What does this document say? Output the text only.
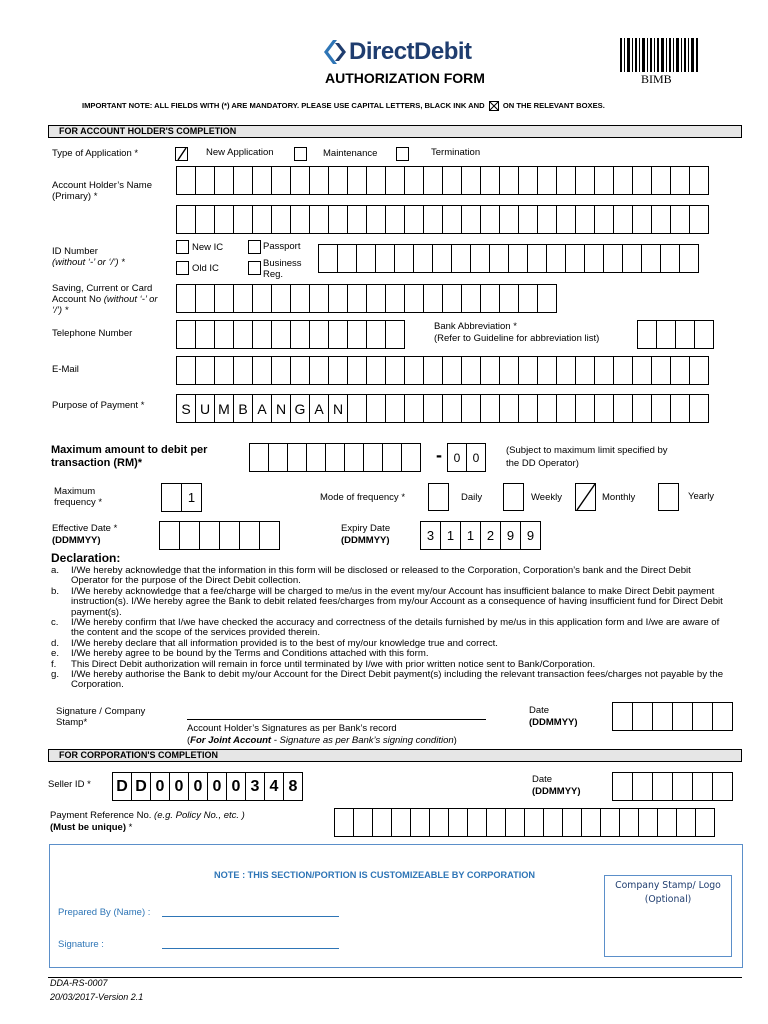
DirectDebit
AUTHORIZATION FORM	BIMB
IMPORTANT NOTE: ALL FIELDS WITH (*) ARE MANDATORY. PLEASE USE CAPITAL LETTERS, BLACK INK AND ON THE RELEVANT BOXES.
FOR ACCOUNT HOLDER'S COMPLETION
Type of Application *	New Application	Maintenance	Termination
Account Holder’s Name (Primary) *
ID Number
(without ‘-’ or ‘/’) *
New IC	Passport
Old IC	Business Reg.
Saving, Current or Card Account No (without ‘-’ or ‘/’) *
Telephone Number
Bank Abbreviation *
(Refer to Guideline for abbreviation list)
E-Mail
Purpose of Payment *	S U M B A N G A N
Maximum amount to debit per transaction (RM)*	- 0	0	(Subject to maximum limit specified by
the DD Operator)
Maximum frequency *	1	Mode of frequency *	Daily	Weekly	Monthly	Yearly
Effective Date *
(DDMMYY)
Expiry Date
(DDMMYY)	3 1 1 2 9 9
Declaration:
a.	I/We hereby acknowledge that the information in this form will be disclosed or released to the Corporation, Corporation’s bank and the Direct Debit Operator for the purpose of the Direct Debit collection.
b.	I/We hereby acknowledge that a fee/charge will be charged to me/us in the event my/our Account has insufficient balance to make Direct Debit payment instruction(s). I/We hereby agree the Bank to debit related fees/charges from my/our Account as a consequence of having insufficient fund for Direct Debit payment(s).
c.	I/We hereby confirm that I/we have checked the accuracy and correctness of the details furnished by me/us in this application form and I/we are aware of the content and the scope of the services provided therein.
d.	I/We hereby declare that all information provided is to the best of my/our knowledge true and correct.
e.	I/We hereby agree to be bound by the Terms and Conditions attached with this form.
f.	This Direct Debit authorization will remain in force until terminated by I/we with prior written notice sent to Bank/Corporation.
g.	I/We hereby authorise the Bank to debit my/our Account for the Direct Debit payment(s) including the relevant transaction fees/charges not payable by the Corporation.
Signature / Company Stamp*
Account Holder’s Signatures as per Bank’s record
(For Joint Account - Signature as per Bank’s signing condition)
Date
(DDMMYY)
FOR CORPORATION'S COMPLETION
Seller ID * D D 0 0 0 0 0 3 4 8	Date
(DDMMYY)
Payment Reference No. (e.g. Policy No., etc. )
(Must be unique) *
NOTE : THIS SECTION/PORTION IS CUSTOMIZEABLE BY CORPORATION
Prepared By (Name) :
Signature :
Company Stamp/ Logo
(Optional)
DDA-RS-0007
20/03/2017-Version 2.1
